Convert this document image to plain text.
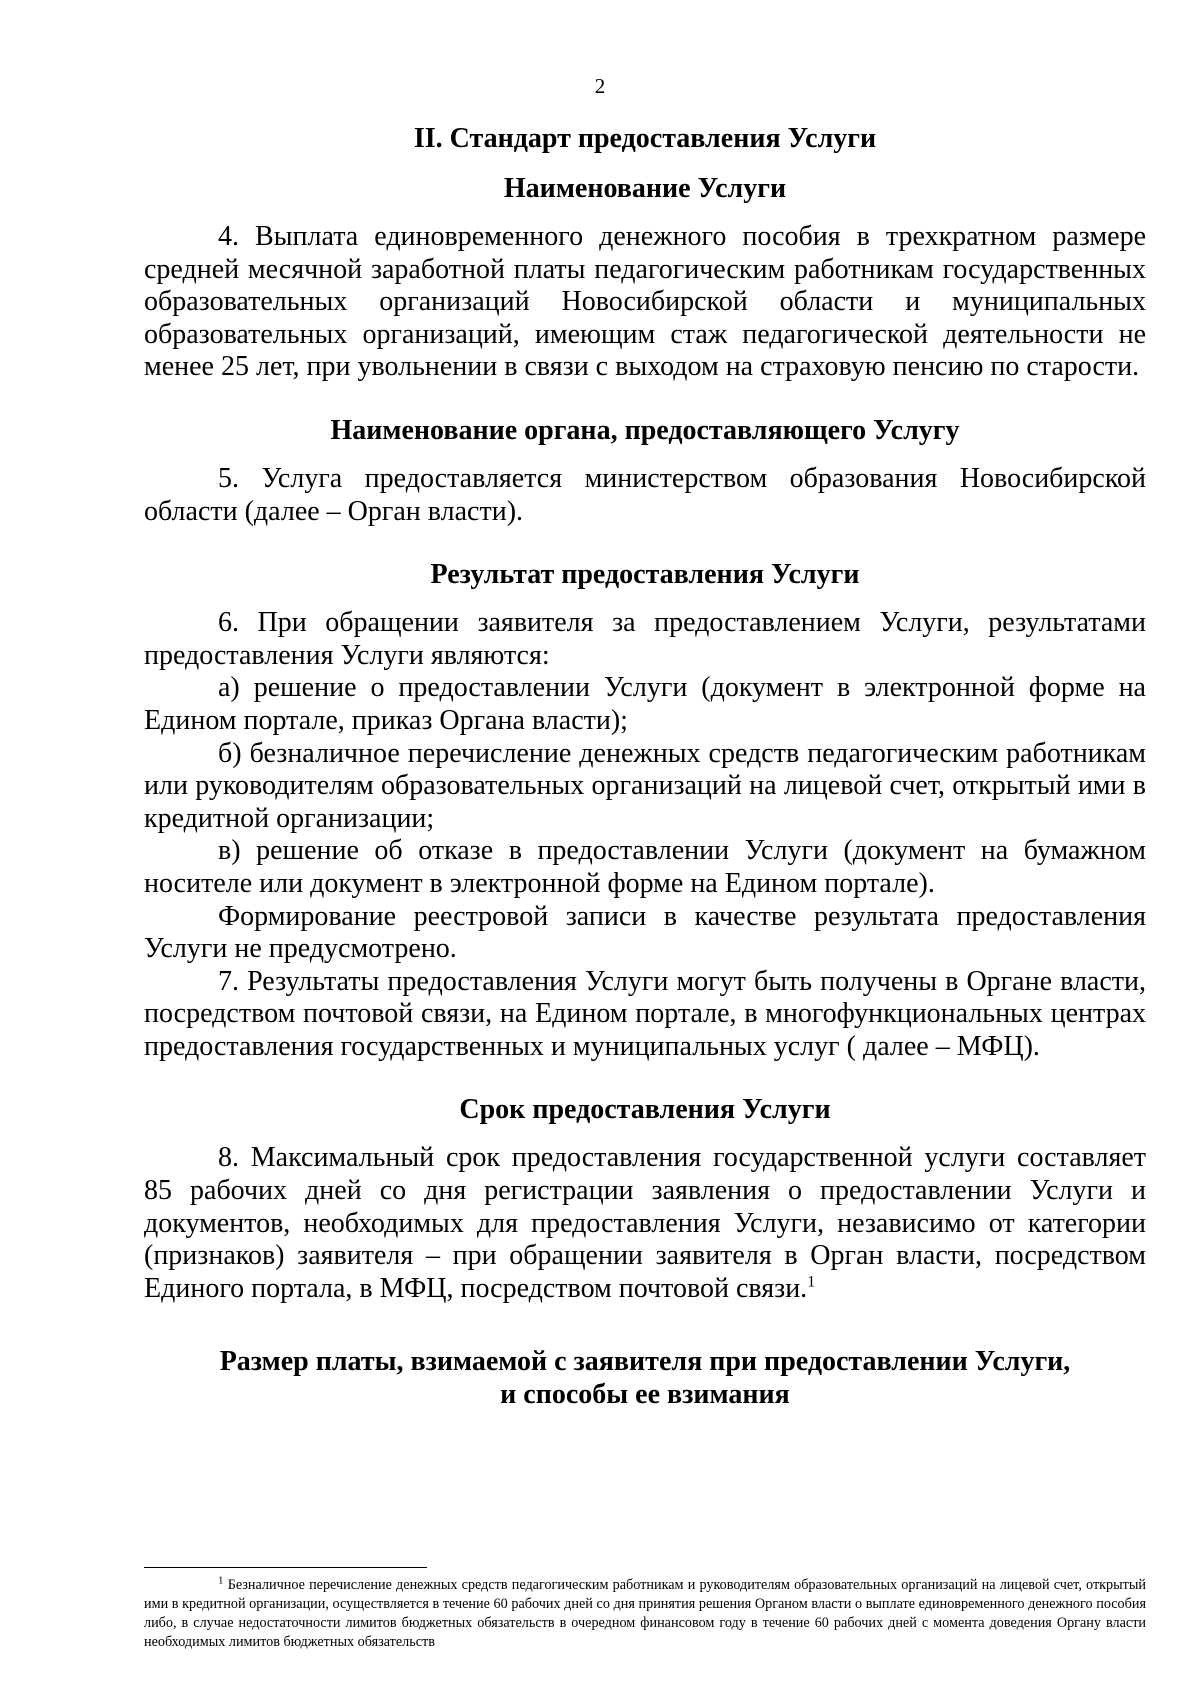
2
II. Стандарт предоставления Услуги
Наименование Услуги

4. Выплата единовременного денежного пособия в трехкратном размере средней месячной заработной платы педагогическим работникам государственных образовательных организаций Новосибирской области и муниципальных образовательных организаций, имеющим стаж педагогической деятельности не менее 25 лет, при увольнении в связи с выходом на страховую пенсию по старости.

Наименование органа, предоставляющего Услугу

5. Услуга предоставляется министерством образования Новосибирской области (далее – Орган власти).

Результат предоставления Услуги

6. При обращении заявителя за предоставлением Услуги, результатами предоставления Услуги являются:

а) решение о предоставлении Услуги (документ в электронной форме на Едином портале, приказ Органа власти);

б) безналичное перечисление денежных средств педагогическим работникам или руководителям образовательных организаций на лицевой счет, открытый ими в кредитной организации;

в) решение об отказе в предоставлении Услуги (документ на бумажном носителе или документ в электронной форме на Едином портале).

Формирование реестровой записи в качестве результата предоставления Услуги не предусмотрено.

7. Результаты предоставления Услуги могут быть получены в Органе власти, посредством почтовой связи, на Едином портале, в многофункциональных центрах предоставления государственных и муниципальных услуг ( далее – МФЦ).

Срок предоставления Услуги

8. Максимальный срок предоставления государственной услуги составляет 85 рабочих дней со дня регистрации заявления о предоставлении Услуги и документов, необходимых для предоставления Услуги, независимо от категории (признаков) заявителя – при обращении заявителя в Орган власти, посредством Единого портала, в МФЦ, посредством почтовой связи.$^1$

Размер платы, взимаемой с заявителя при предоставлении Услуги,
и способы ее взимания
$^1$ Безналичное перечисление денежных средств педагогическим работникам и руководителям образовательных организаций на лицевой счет, открытый ими в кредитной организации, осуществляется в течение 60 рабочих дней со дня принятия решения Органом власти о выплате единовременного денежного пособия либо, в случае недостаточности лимитов бюджетных обязательств в очередном финансовом году в течение 60 рабочих дней с момента доведения Органу власти необходимых лимитов бюджетных обязательств
